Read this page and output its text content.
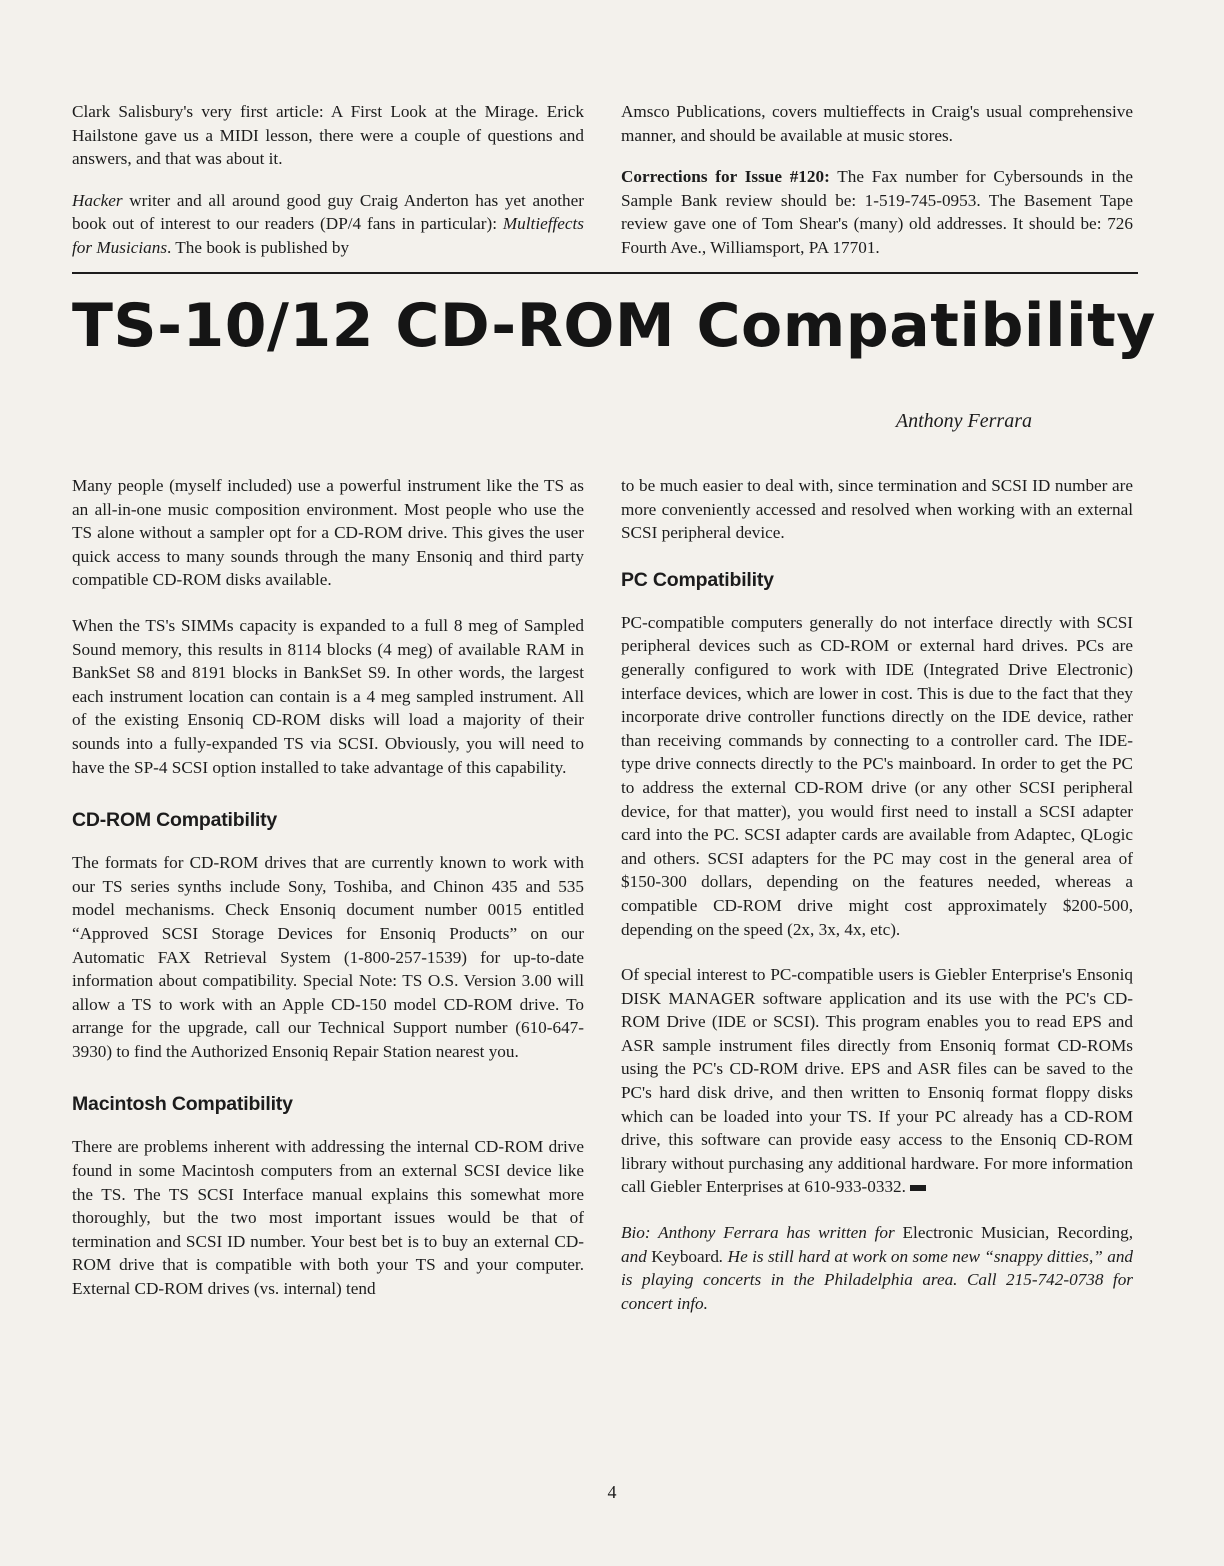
Clark Salisbury's very first article: A First Look at the Mirage. Erick Hailstone gave us a MIDI lesson, there were a couple of questions and answers, and that was about it.

Hacker writer and all around good guy Craig Anderton has yet another book out of interest to our readers (DP/4 fans in particular): Multieffects for Musicians. The book is published by

Amsco Publications, covers multieffects in Craig's usual comprehensive manner, and should be available at music stores.

Corrections for Issue #120: The Fax number for Cybersounds in the Sample Bank review should be: 1-519-745-0953. The Basement Tape review gave one of Tom Shear's (many) old addresses. It should be: 726 Fourth Ave., Williamsport, PA 17701.

TS-10/12 CD-ROM Compatibility
Anthony Ferrara

Many people (myself included) use a powerful instrument like the TS as an all-in-one music composition environment. Most people who use the TS alone without a sampler opt for a CD-ROM drive. This gives the user quick access to many sounds through the many Ensoniq and third party compatible CD-ROM disks available.

When the TS's SIMMs capacity is expanded to a full 8 meg of Sampled Sound memory, this results in 8114 blocks (4 meg) of available RAM in BankSet S8 and 8191 blocks in BankSet S9. In other words, the largest each instrument location can contain is a 4 meg sampled instrument. All of the existing Ensoniq CD-ROM disks will load a majority of their sounds into a fully-expanded TS via SCSI. Obviously, you will need to have the SP-4 SCSI option installed to take advantage of this capability.

CD-ROM Compatibility

The formats for CD-ROM drives that are currently known to work with our TS series synths include Sony, Toshiba, and Chinon 435 and 535 model mechanisms. Check Ensoniq document number 0015 entitled “Approved SCSI Storage Devices for Ensoniq Products” on our Automatic FAX Retrieval System (1-800-257-1539) for up-to-date information about compatibility. Special Note: TS O.S. Version 3.00 will allow a TS to work with an Apple CD-150 model CD-ROM drive. To arrange for the upgrade, call our Technical Support number (610-647-3930) to find the Authorized Ensoniq Repair Station nearest you.

Macintosh Compatibility

There are problems inherent with addressing the internal CD-ROM drive found in some Macintosh computers from an external SCSI device like the TS. The TS SCSI Interface manual explains this somewhat more thoroughly, but the two most important issues would be that of termination and SCSI ID number. Your best bet is to buy an external CD-ROM drive that is compatible with both your TS and your computer. External CD-ROM drives (vs. internal) tend

to be much easier to deal with, since termination and SCSI ID number are more conveniently accessed and resolved when working with an external SCSI peripheral device.

PC Compatibility

PC-compatible computers generally do not interface directly with SCSI peripheral devices such as CD-ROM or external hard drives. PCs are generally configured to work with IDE (Integrated Drive Electronic) interface devices, which are lower in cost. This is due to the fact that they incorporate drive controller functions directly on the IDE device, rather than receiving commands by connecting to a controller card. The IDE-type drive connects directly to the PC's mainboard. In order to get the PC to address the external CD-ROM drive (or any other SCSI peripheral device, for that matter), you would first need to install a SCSI adapter card into the PC. SCSI adapter cards are available from Adaptec, QLogic and others. SCSI adapters for the PC may cost in the general area of $150-300 dollars, depending on the features needed, whereas a compatible CD-ROM drive might cost approximately $200-500, depending on the speed (2x, 3x, 4x, etc).

Of special interest to PC-compatible users is Giebler Enterprise's Ensoniq DISK MANAGER software application and its use with the PC's CD-ROM Drive (IDE or SCSI). This program enables you to read EPS and ASR sample instrument files directly from Ensoniq format CD-ROMs using the PC's CD-ROM drive. EPS and ASR files can be saved to the PC's hard disk drive, and then written to Ensoniq format floppy disks which can be loaded into your TS. If your PC already has a CD-ROM drive, this software can provide easy access to the Ensoniq CD-ROM library without purchasing any additional hardware. For more information call Giebler Enterprises at 610-933-0332.

Bio: Anthony Ferrara has written for Electronic Musician, Recording, and Keyboard. He is still hard at work on some new “snappy ditties,” and is playing concerts in the Philadelphia area. Call 215-742-0738 for concert info.

4
